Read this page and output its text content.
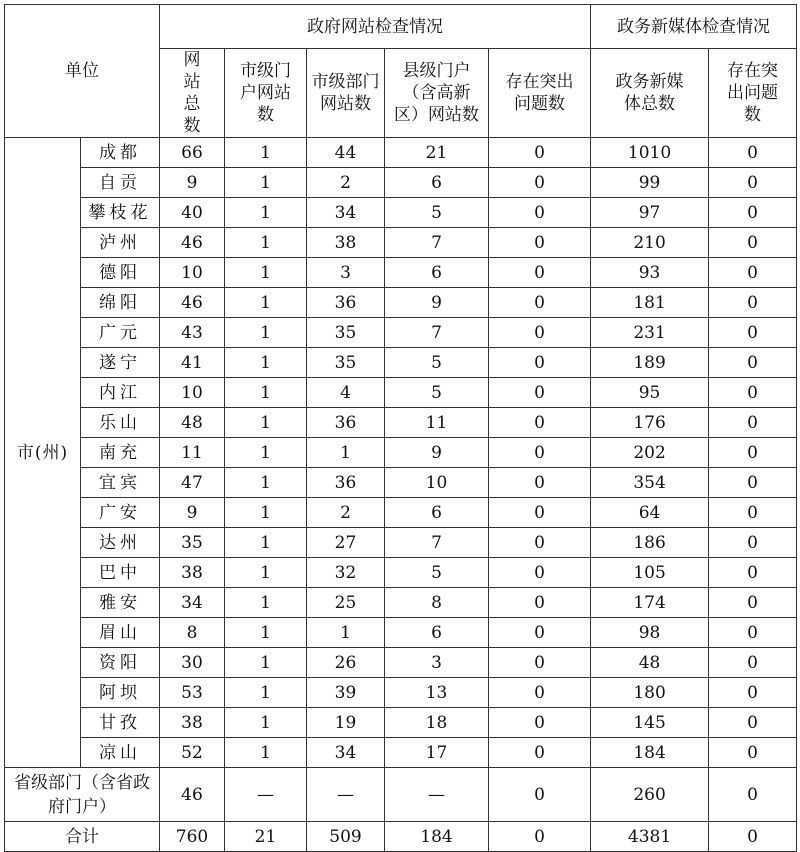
单位		政府网站检查情况					政务新媒体检查情况	
		网站总数	市级门户网站数	市级部门网站数	县级门户（含高新区）网站数	存在突出问题数	政务新媒体总数	存在突出问题数
市(州)	成都	66	1	44	21	0	1010	0
	自贡	9	1	2	6	0	99	0
	攀枝花	40	1	34	5	0	97	0
	泸州	46	1	38	7	0	210	0
	德阳	10	1	3	6	0	93	0
	绵阳	46	1	36	9	0	181	0
	广元	43	1	35	7	0	231	0
	遂宁	41	1	35	5	0	189	0
	内江	10	1	4	5	0	95	0
	乐山	48	1	36	11	0	176	0
	南充	11	1	1	9	0	202	0
	宜宾	47	1	36	10	0	354	0
	广安	9	1	2	6	0	64	0
	达州	35	1	27	7	0	186	0
	巴中	38	1	32	5	0	105	0
	雅安	34	1	25	8	0	174	0
	眉山	8	1	1	6	0	98	0
	资阳	30	1	26	3	0	48	0
	阿坝	53	1	39	13	0	180	0
	甘孜	38	1	19	18	0	145	0
	凉山	52	1	34	17	0	184	0
省级部门（含省政府门户）		46	—	—	—	0	260	0
合计		760	21	509	184	0	4381	0
